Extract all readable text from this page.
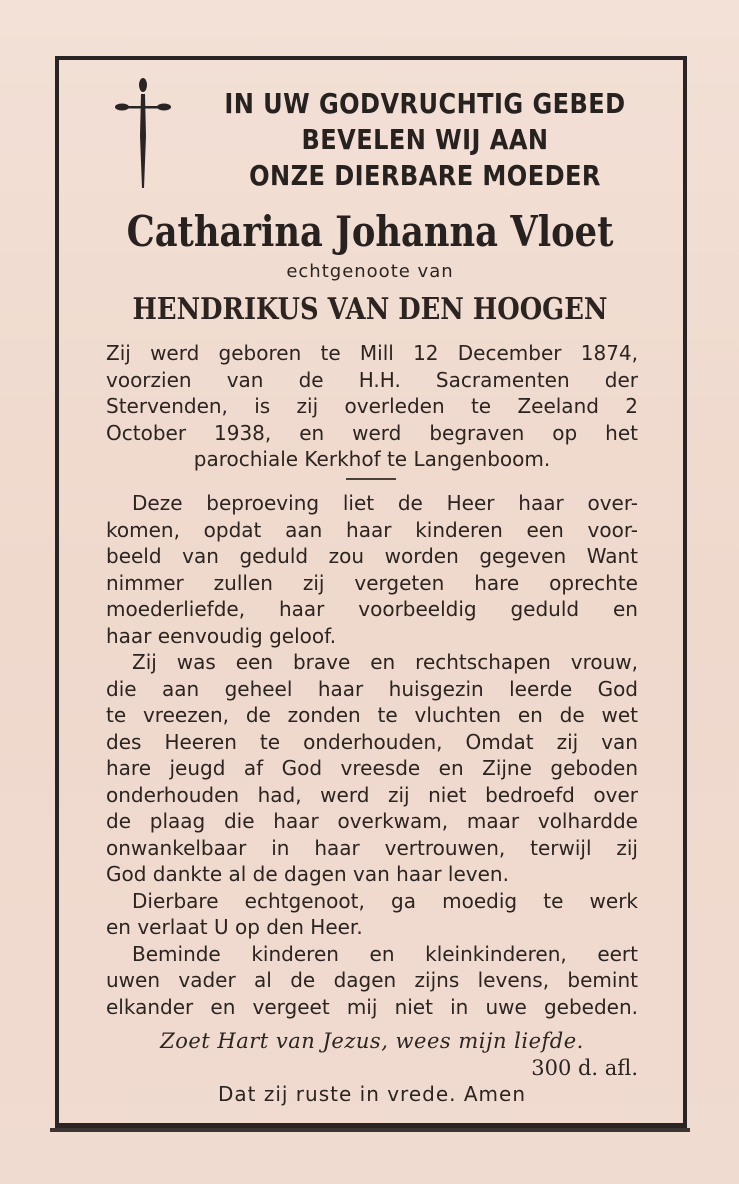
IN UW GODVRUCHTIG GEBED
BEVELEN WIJ AAN
ONZE DIERBARE MOEDER
Catharina Johanna Vloet
echtgenoote van
HENDRIKUS VAN DEN HOOGEN
Zij werd geboren te Mill 12 December 1874,
voorzien van de H.H. Sacramenten der
Stervenden, is zij overleden te Zeeland 2
October 1938, en werd begraven op het
parochiale Kerkhof te Langenboom.
Deze beproeving liet de Heer haar over-
komen, opdat aan haar kinderen een voor-
beeld van geduld zou worden gegeven Want
nimmer zullen zij vergeten hare oprechte
moederliefde, haar voorbeeldig geduld en
haar eenvoudig geloof.
Zij was een brave en rechtschapen vrouw,
die aan geheel haar huisgezin leerde God
te vreezen, de zonden te vluchten en de wet
des Heeren te onderhouden, Omdat zij van
hare jeugd af God vreesde en Zijne geboden
onderhouden had, werd zij niet bedroefd over
de plaag die haar overkwam, maar volhardde
onwankelbaar in haar vertrouwen, terwijl zij
God dankte al de dagen van haar leven.
Dierbare echtgenoot, ga moedig te werk
en verlaat U op den Heer.
Beminde kinderen en kleinkinderen, eert
uwen vader al de dagen zijns levens, bemint
elkander en vergeet mij niet in uwe gebeden.
Zoet Hart van Jezus, wees mijn liefde.
300 d. afl.
Dat zij ruste in vrede. Amen
